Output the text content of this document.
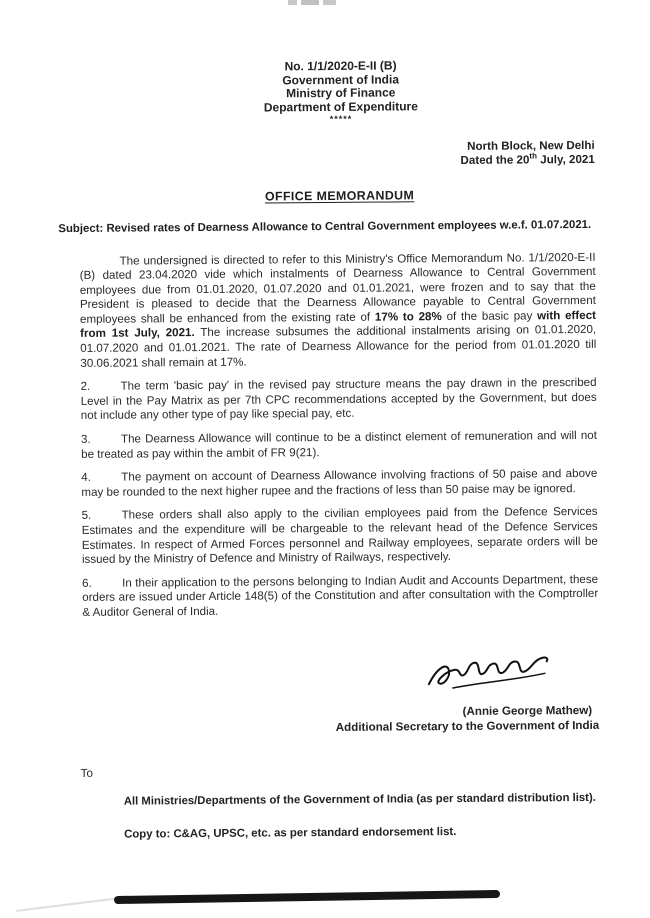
No. 1/1/2020-E-II (B)
Government of India
Ministry of Finance
Department of Expenditure
*****
North Block, New Delhi
Dated the 20th July, 2021
OFFICE MEMORANDUM

Subject: Revised rates of Dearness Allowance to Central Government employees w.e.f. 01.07.2021.

The undersigned is directed to refer to this Ministry's Office Memorandum No. 1/1/2020-E-II (B) dated 23.04.2020 vide which instalments of Dearness Allowance to Central Government employees due from 01.01.2020, 01.07.2020 and 01.01.2021, were frozen and to say that the President is pleased to decide that the Dearness Allowance payable to Central Government employees shall be enhanced from the existing rate of 17% to 28% of the basic pay with effect from 1st July, 2021. The increase subsumes the additional instalments arising on 01.01.2020, 01.07.2020 and 01.01.2021. The rate of Dearness Allowance for the period from 01.01.2020 till 30.06.2021 shall remain at 17%.

2.	The term 'basic pay' in the revised pay structure means the pay drawn in the prescribed Level in the Pay Matrix as per 7th CPC recommendations accepted by the Government, but does not include any other type of pay like special pay, etc.

3.	The Dearness Allowance will continue to be a distinct element of remuneration and will not be treated as pay within the ambit of FR 9(21).

4.	The payment on account of Dearness Allowance involving fractions of 50 paise and above may be rounded to the next higher rupee and the fractions of less than 50 paise may be ignored.

5.	These orders shall also apply to the civilian employees paid from the Defence Services Estimates and the expenditure will be chargeable to the relevant head of the Defence Services Estimates. In respect of Armed Forces personnel and Railway employees, separate orders will be issued by the Ministry of Defence and Ministry of Railways, respectively.

6.	In their application to the persons belonging to Indian Audit and Accounts Department, these orders are issued under Article 148(5) of the Constitution and after consultation with the Comptroller & Auditor General of India.

(Annie George Mathew)
Additional Secretary to the Government of India
To
All Ministries/Departments of the Government of India (as per standard distribution list).
Copy to: C&AG, UPSC, etc. as per standard endorsement list.
